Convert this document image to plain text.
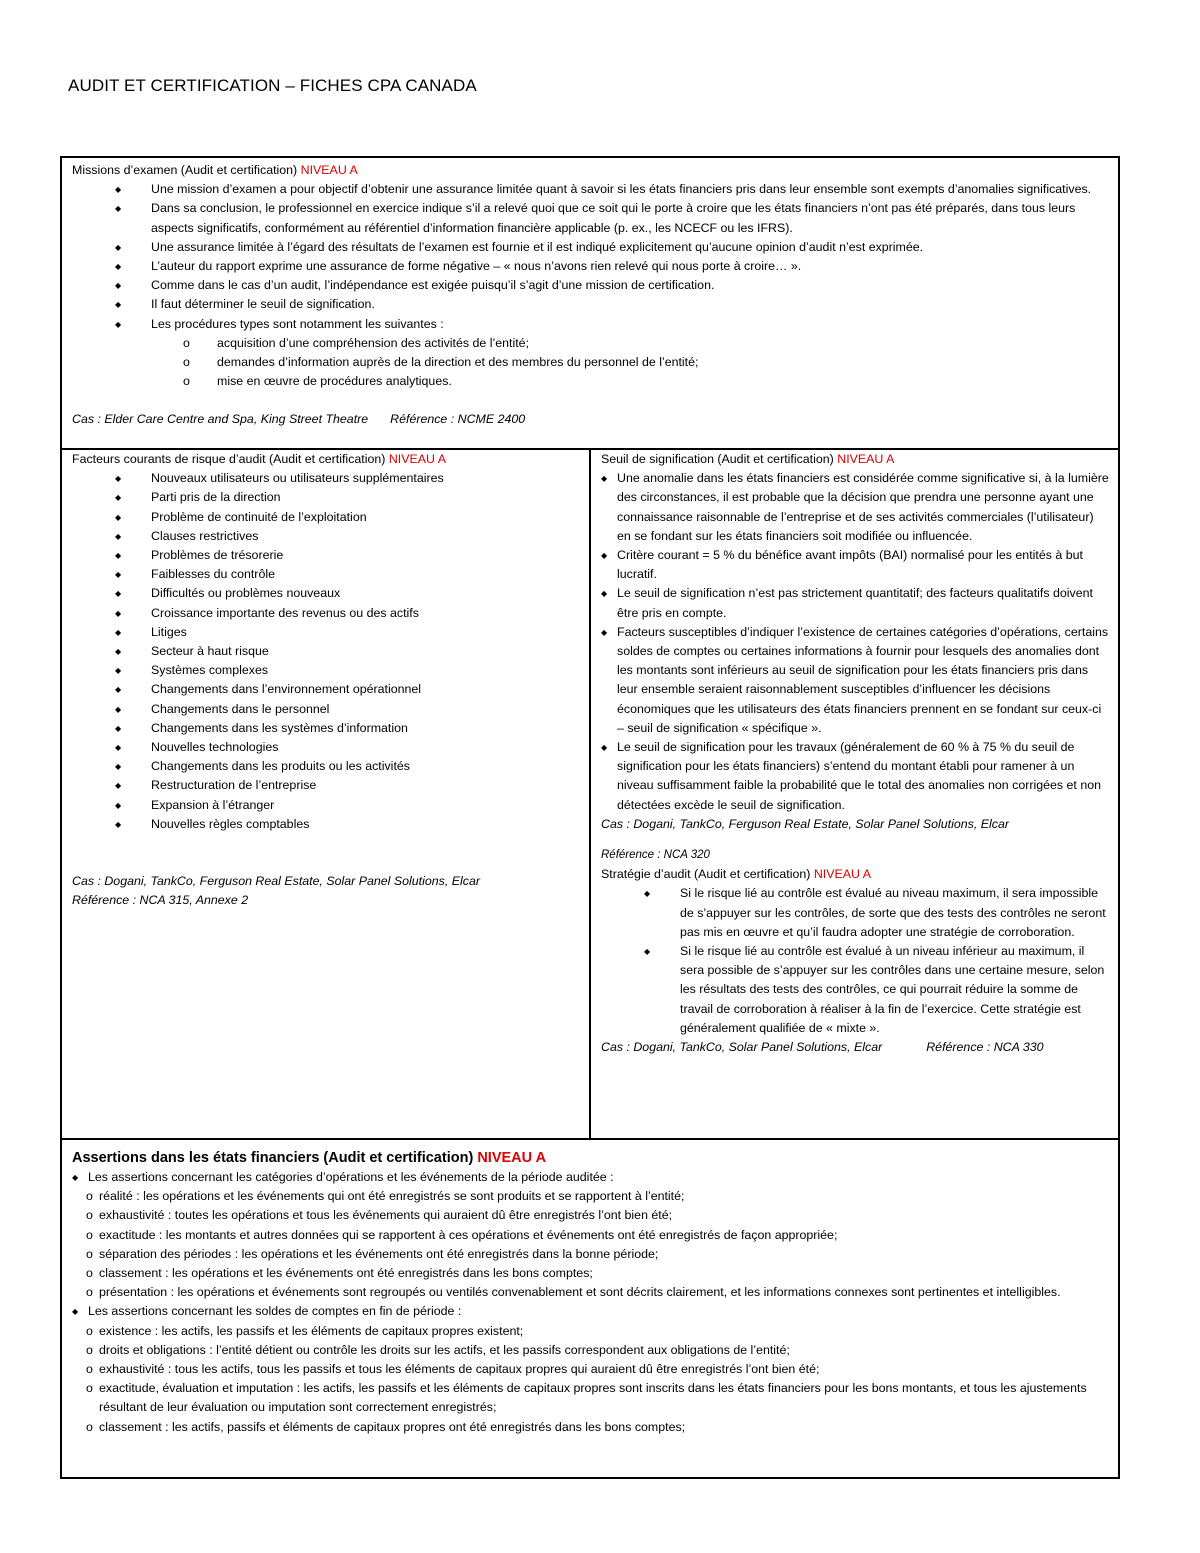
AUDIT ET CERTIFICATION – FICHES CPA CANADA
Missions d’examen (Audit et certification) NIVEAU A
◆ Une mission d’examen a pour objectif d’obtenir une assurance limitée quant à savoir si les états financiers pris dans leur ensemble sont exempts d’anomalies significatives.
◆ Dans sa conclusion, le professionnel en exercice indique s’il a relevé quoi que ce soit qui le porte à croire que les états financiers n’ont pas été préparés, dans tous leurs aspects significatifs, conformément au référentiel d’information financière applicable (p. ex., les NCECF ou les IFRS).
◆ Une assurance limitée à l’égard des résultats de l’examen est fournie et il est indiqué explicitement qu’aucune opinion d’audit n’est exprimée.
◆ L’auteur du rapport exprime une assurance de forme négative – « nous n’avons rien relevé qui nous porte à croire… ».
◆ Comme dans le cas d’un audit, l’indépendance est exigée puisqu’il s’agit d’une mission de certification.
◆ Il faut déterminer le seuil de signification.
◆ Les procédures types sont notamment les suivantes :
o acquisition d’une compréhension des activités de l’entité;
o demandes d’information auprès de la direction et des membres du personnel de l’entité;
o mise en œuvre de procédures analytiques.
Cas : Elder Care Centre and Spa, King Street Theatre Référence : NCME 2400
Facteurs courants de risque d’audit (Audit et certification) NIVEAU A
◆ Nouveaux utilisateurs ou utilisateurs supplémentaires
◆ Parti pris de la direction
◆ Problème de continuité de l’exploitation
◆ Clauses restrictives
◆ Problèmes de trésorerie
◆ Faiblesses du contrôle
◆ Difficultés ou problèmes nouveaux
◆ Croissance importante des revenus ou des actifs
◆ Litiges
◆ Secteur à haut risque
◆ Systèmes complexes
◆ Changements dans l’environnement opérationnel
◆ Changements dans le personnel
◆ Changements dans les systèmes d’information
◆ Nouvelles technologies
◆ Changements dans les produits ou les activités
◆ Restructuration de l’entreprise
◆ Expansion à l’étranger
◆ Nouvelles règles comptables
Cas : Dogani, TankCo, Ferguson Real Estate, Solar Panel Solutions, Elcar
Référence : NCA 315, Annexe 2
Seuil de signification (Audit et certification) NIVEAU A
◆ Une anomalie dans les états financiers est considérée comme significative si, à la lumière des circonstances, il est probable que la décision que prendra une personne ayant une connaissance raisonnable de l’entreprise et de ses activités commerciales (l’utilisateur) en se fondant sur les états financiers soit modifiée ou influencée.
◆ Critère courant = 5 % du bénéfice avant impôts (BAI) normalisé pour les entités à but lucratif.
◆ Le seuil de signification n’est pas strictement quantitatif; des facteurs qualitatifs doivent être pris en compte.
◆ Facteurs susceptibles d’indiquer l’existence de certaines catégories d’opérations, certains soldes de comptes ou certaines informations à fournir pour lesquels des anomalies dont les montants sont inférieurs au seuil de signification pour les états financiers pris dans leur ensemble seraient raisonnablement susceptibles d’influencer les décisions économiques que les utilisateurs des états financiers prennent en se fondant sur ceux-ci – seuil de signification « spécifique ».
◆ Le seuil de signification pour les travaux (généralement de 60 % à 75 % du seuil de signification pour les états financiers) s’entend du montant établi pour ramener à un niveau suffisamment faible la probabilité que le total des anomalies non corrigées et non détectées excède le seuil de signification.
Cas : Dogani, TankCo, Ferguson Real Estate, Solar Panel Solutions, Elcar
Référence : NCA 320
Stratégie d’audit (Audit et certification) NIVEAU A
◆ Si le risque lié au contrôle est évalué au niveau maximum, il sera impossible de s’appuyer sur les contrôles, de sorte que des tests des contrôles ne seront pas mis en œuvre et qu’il faudra adopter une stratégie de corroboration.
◆ Si le risque lié au contrôle est évalué à un niveau inférieur au maximum, il sera possible de s’appuyer sur les contrôles dans une certaine mesure, selon les résultats des tests des contrôles, ce qui pourrait réduire la somme de travail de corroboration à réaliser à la fin de l’exercice. Cette stratégie est généralement qualifiée de « mixte ».
Cas : Dogani, TankCo, Solar Panel Solutions, Elcar	Référence : NCA 330
Assertions dans les états financiers (Audit et certification) NIVEAU A
◆ Les assertions concernant les catégories d’opérations et les événements de la période auditée :
o réalité : les opérations et les événements qui ont été enregistrés se sont produits et se rapportent à l’entité;
o exhaustivité : toutes les opérations et tous les événements qui auraient dû être enregistrés l’ont bien été;
o exactitude : les montants et autres données qui se rapportent à ces opérations et événements ont été enregistrés de façon appropriée;
o séparation des périodes : les opérations et les événements ont été enregistrés dans la bonne période;
o classement : les opérations et les événements ont été enregistrés dans les bons comptes;
o présentation : les opérations et événements sont regroupés ou ventilés convenablement et sont décrits clairement, et les informations connexes sont pertinentes et intelligibles.
◆ Les assertions concernant les soldes de comptes en fin de période :
o existence : les actifs, les passifs et les éléments de capitaux propres existent;
o droits et obligations : l’entité détient ou contrôle les droits sur les actifs, et les passifs correspondent aux obligations de l’entité;
o exhaustivité : tous les actifs, tous les passifs et tous les éléments de capitaux propres qui auraient dû être enregistrés l’ont bien été;
o exactitude, évaluation et imputation : les actifs, les passifs et les éléments de capitaux propres sont inscrits dans les états financiers pour les bons montants, et tous les ajustements résultant de leur évaluation ou imputation sont correctement enregistrés;
o classement : les actifs, passifs et éléments de capitaux propres ont été enregistrés dans les bons comptes;
